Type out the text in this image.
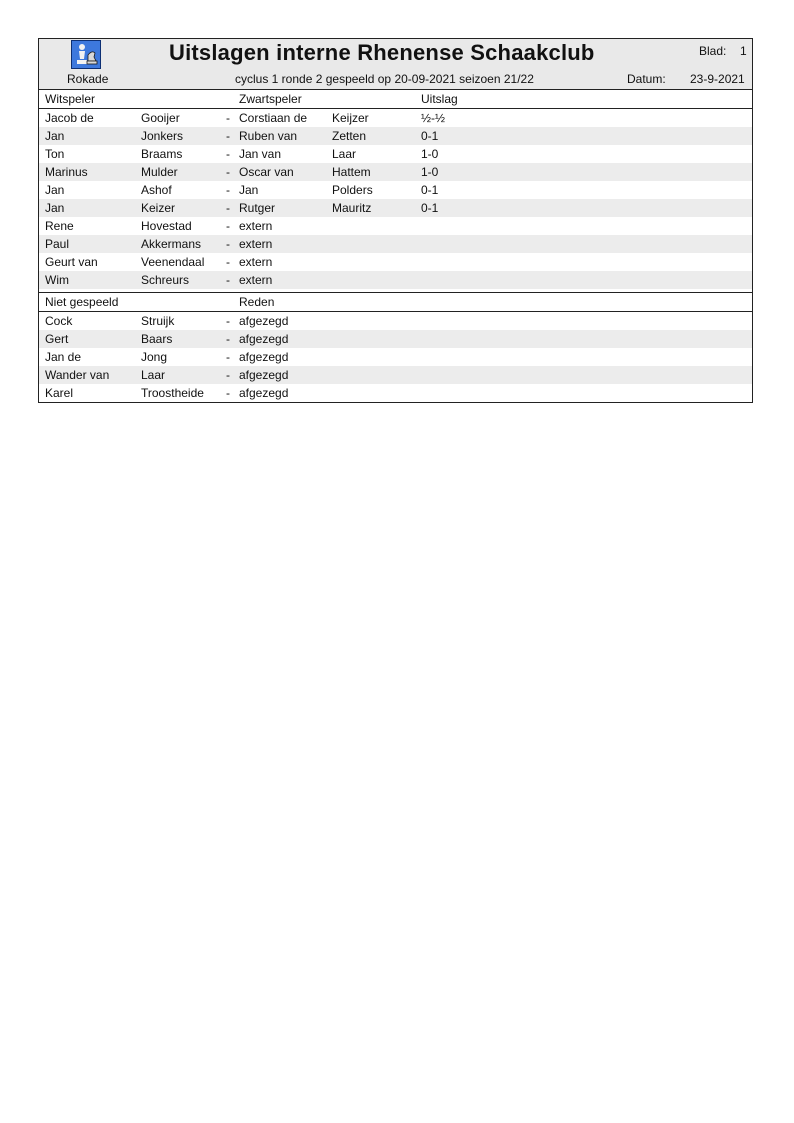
Rokade
Uitslagen interne Rhenense Schaakclub	Blad: 1
cyclus 1 ronde 2 gespeeld op 20-09-2021 seizoen 21/22	Datum: 23-9-2021
Witspeler	Zwartspeler	Uitslag
Jacob de	Gooijer	- Corstiaan de Keijzer	½-½
Jan	Jonkers	- Ruben van	Zetten	0-1
Ton	Braams	- Jan van	Laar	1-0
Marinus	Mulder	- Oscar van	Hattem	1-0
Jan	Ashof	- Jan	Polders	0-1
Jan	Keizer	- Rutger	Mauritz	0-1
Rene	Hovestad	- extern
Paul	Akkermans - extern
Geurt van	Veenendaal - extern
Wim	Schreurs	- extern
Niet gespeeld	Reden
Cock	Struijk	- afgezegd
Gert	Baars	- afgezegd
Jan de	Jong	- afgezegd
Wander van	Laar	- afgezegd
Karel	Troostheide - afgezegd
